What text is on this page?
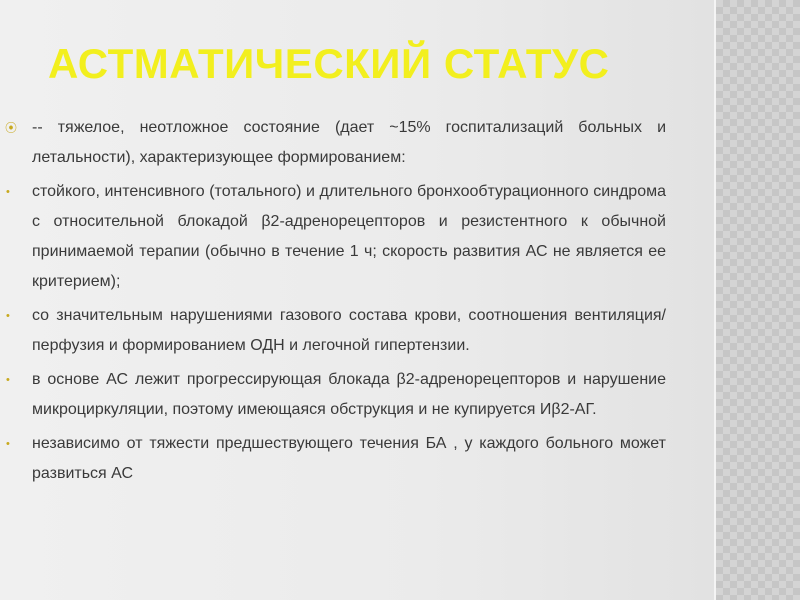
АСТМАТИЧЕСКИЙ СТАТУС
⦿ -- тяжелое, неотложное состояние (дает ~15% госпитализаций больных и летальности), характеризующее формированием:
• стойкого, интенсивного (тотального) и длительного бронхообтурационного синдрома с относительной блокадой β2-адренорецепторов и резистентного к обычной принимаемой терапии (обычно в течение 1 ч; скорость развития АС не является ее критерием);
• со значительным нарушениями газового состава крови, соотношения вентиляция/перфузия и формированием ОДН и легочной гипертензии.
• в основе АС лежит прогрессирующая блокада β2-адренорецепторов и нарушение микроциркуляции, поэтому имеющаяся обструкция и не купируется Иβ2-АГ.
• независимо от тяжести предшествующего течения БА , у каждого больного может развиться АС
